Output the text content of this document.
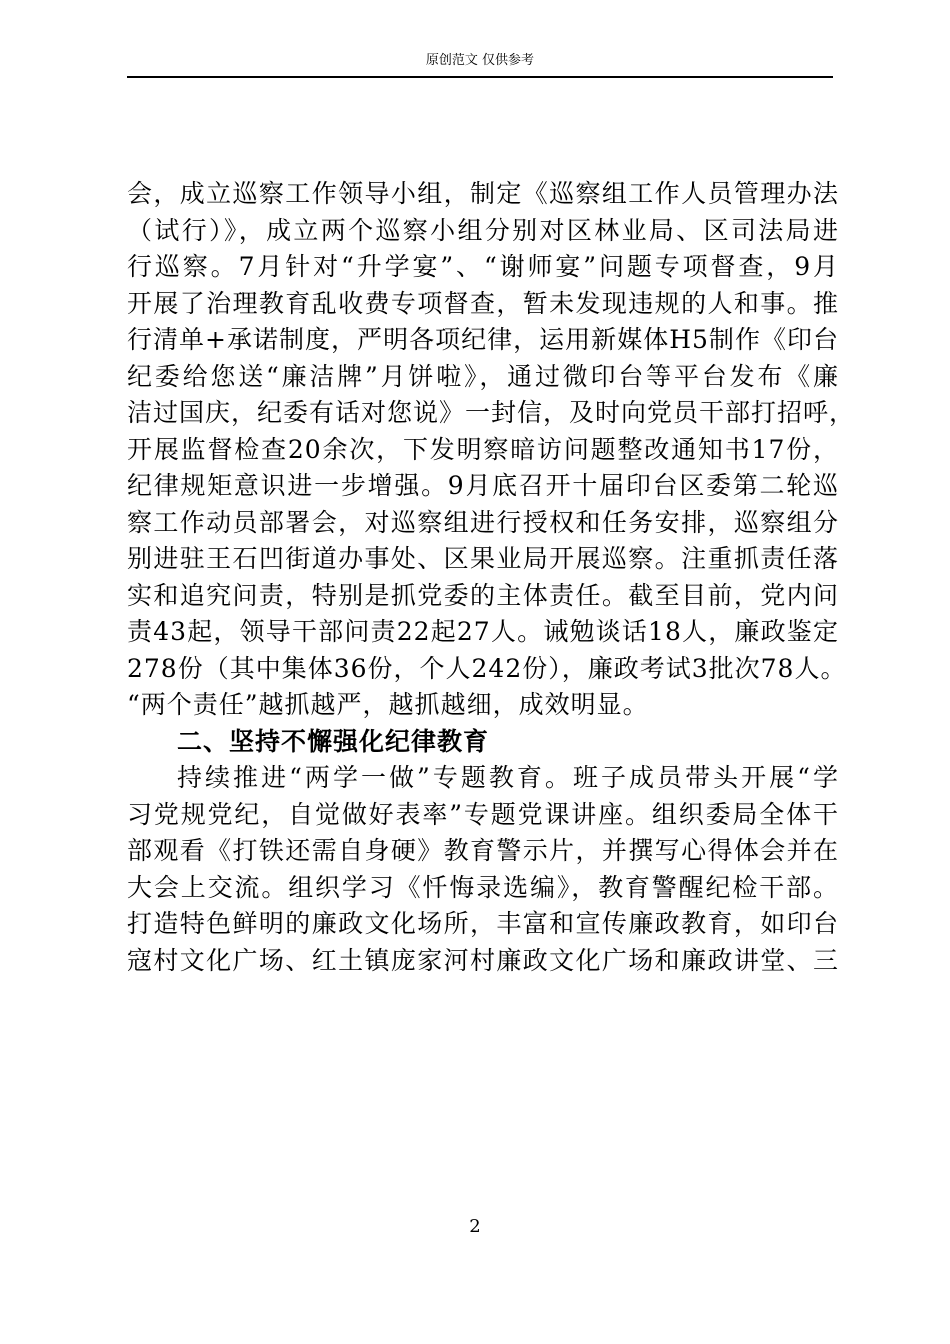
原创范文 仅供参考
会，成立巡察工作领导小组，制定《巡察组工作人员管理办法
（试行）》，成立两个巡察小组分别对区林业局、区司法局进
行巡察。7月针对“升学宴”、“谢师宴”问题专项督查，9月
开展了治理教育乱收费专项督查，暂未发现违规的人和事。推
行清单+承诺制度，严明各项纪律，运用新媒体H5制作《印台
纪委给您送“廉洁牌”月饼啦》，通过微印台等平台发布《廉
洁过国庆，纪委有话对您说》一封信，及时向党员干部打招呼，
开展监督检查20余次，下发明察暗访问题整改通知书17份，
纪律规矩意识进一步增强。9月底召开十届印台区委第二轮巡
察工作动员部署会，对巡察组进行授权和任务安排，巡察组分
别进驻王石凹街道办事处、区果业局开展巡察。注重抓责任落
实和追究问责，特别是抓党委的主体责任。截至目前，党内问
责43起，领导干部问责22起27人。诫勉谈话18人，廉政鉴定
278份（其中集体36份，个人242份），廉政考试3批次78人。
“两个责任”越抓越严，越抓越细，成效明显。
二、坚持不懈强化纪律教育
持续推进“两学一做”专题教育。班子成员带头开展“学
习党规党纪，自觉做好表率”专题党课讲座。组织委局全体干
部观看《打铁还需自身硬》教育警示片，并撰写心得体会并在
大会上交流。组织学习《忏悔录选编》，教育警醒纪检干部。
打造特色鲜明的廉政文化场所，丰富和宣传廉政教育，如印台
寇村文化广场、红土镇庞家河村廉政文化广场和廉政讲堂、三
2
